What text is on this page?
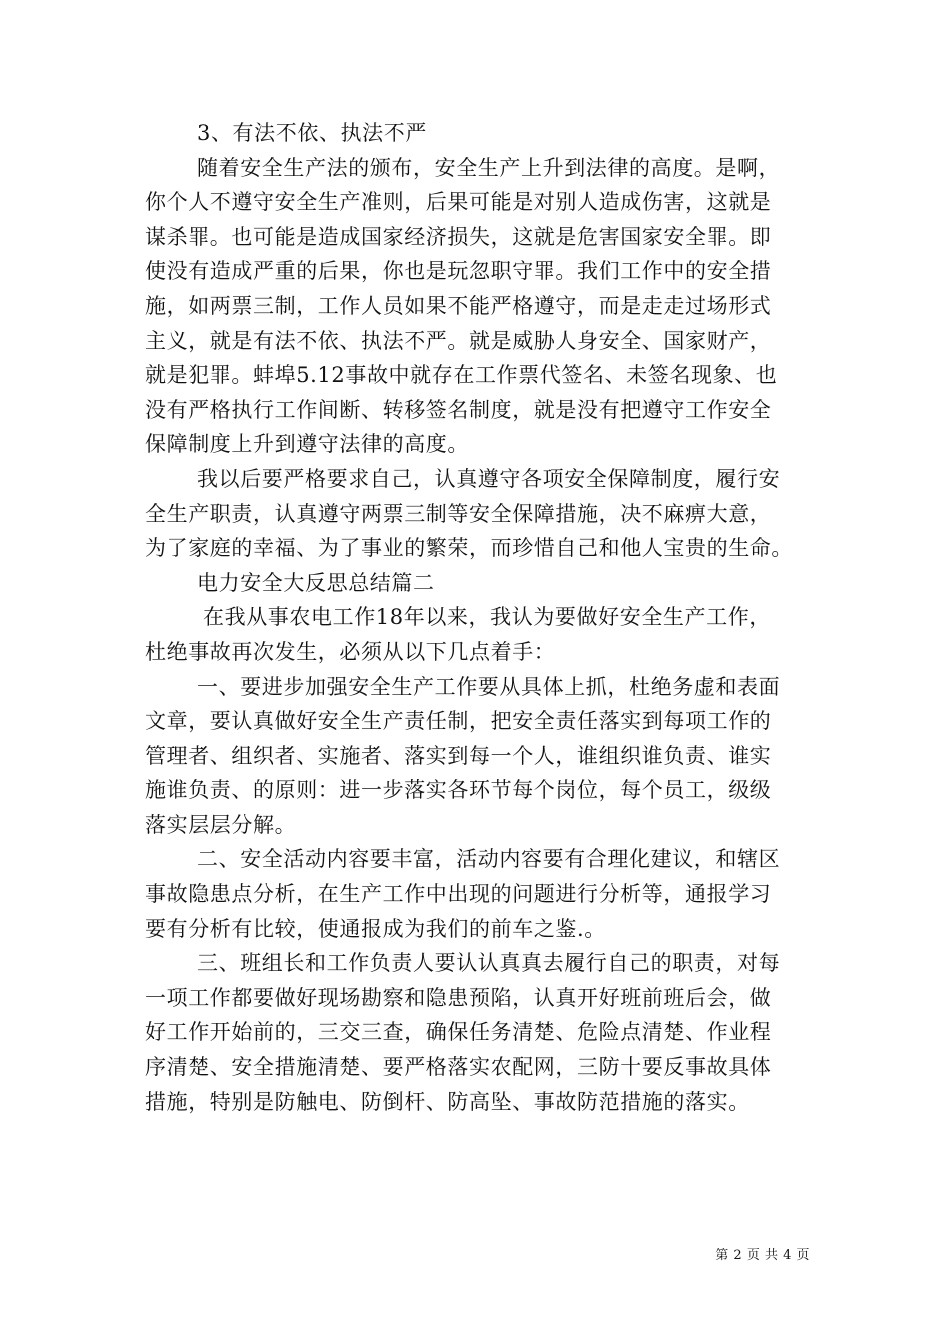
3、有法不依、执法不严

随着安全生产法的颁布，安全生产上升到法律的高度。是啊，

你个人不遵守安全生产准则，后果可能是对别人造成伤害，这就是

谋杀罪。也可能是造成国家经济损失，这就是危害国家安全罪。即

使没有造成严重的后果，你也是玩忽职守罪。我们工作中的安全措

施，如两票三制，工作人员如果不能严格遵守，而是走走过场形式

主义，就是有法不依、执法不严。就是威胁人身安全、国家财产，

就是犯罪。蚌埠5.12事故中就存在工作票代签名、未签名现象、也

没有严格执行工作间断、转移签名制度，就是没有把遵守工作安全

保障制度上升到遵守法律的高度。

我以后要严格要求自己，认真遵守各项安全保障制度，履行安

全生产职责，认真遵守两票三制等安全保障措施，决不麻痹大意，

为了家庭的幸福、为了事业的繁荣，而珍惜自己和他人宝贵的生命。

电力安全大反思总结篇二

在我从事农电工作18年以来，我认为要做好安全生产工作，

杜绝事故再次发生，必须从以下几点着手：

一、要进步加强安全生产工作要从具体上抓，杜绝务虚和表面

文章，要认真做好安全生产责任制，把安全责任落实到每项工作的

管理者、组织者、实施者、落实到每一个人，谁组织谁负责、谁实

施谁负责、的原则：进一步落实各环节每个岗位，每个员工，级级

落实层层分解。

二、安全活动内容要丰富，活动内容要有合理化建议，和辖区

事故隐患点分析，在生产工作中出现的问题进行分析等，通报学习

要有分析有比较，使通报成为我们的前车之鉴.。

三、班组长和工作负责人要认认真真去履行自己的职责，对每

一项工作都要做好现场勘察和隐患预陷，认真开好班前班后会，做

好工作开始前的，三交三查，确保任务清楚、危险点清楚、作业程

序清楚、安全措施清楚、要严格落实农配网，三防十要反事故具体

措施，特别是防触电、防倒杆、防高坠、事故防范措施的落实。

第 2 页 共 4 页
